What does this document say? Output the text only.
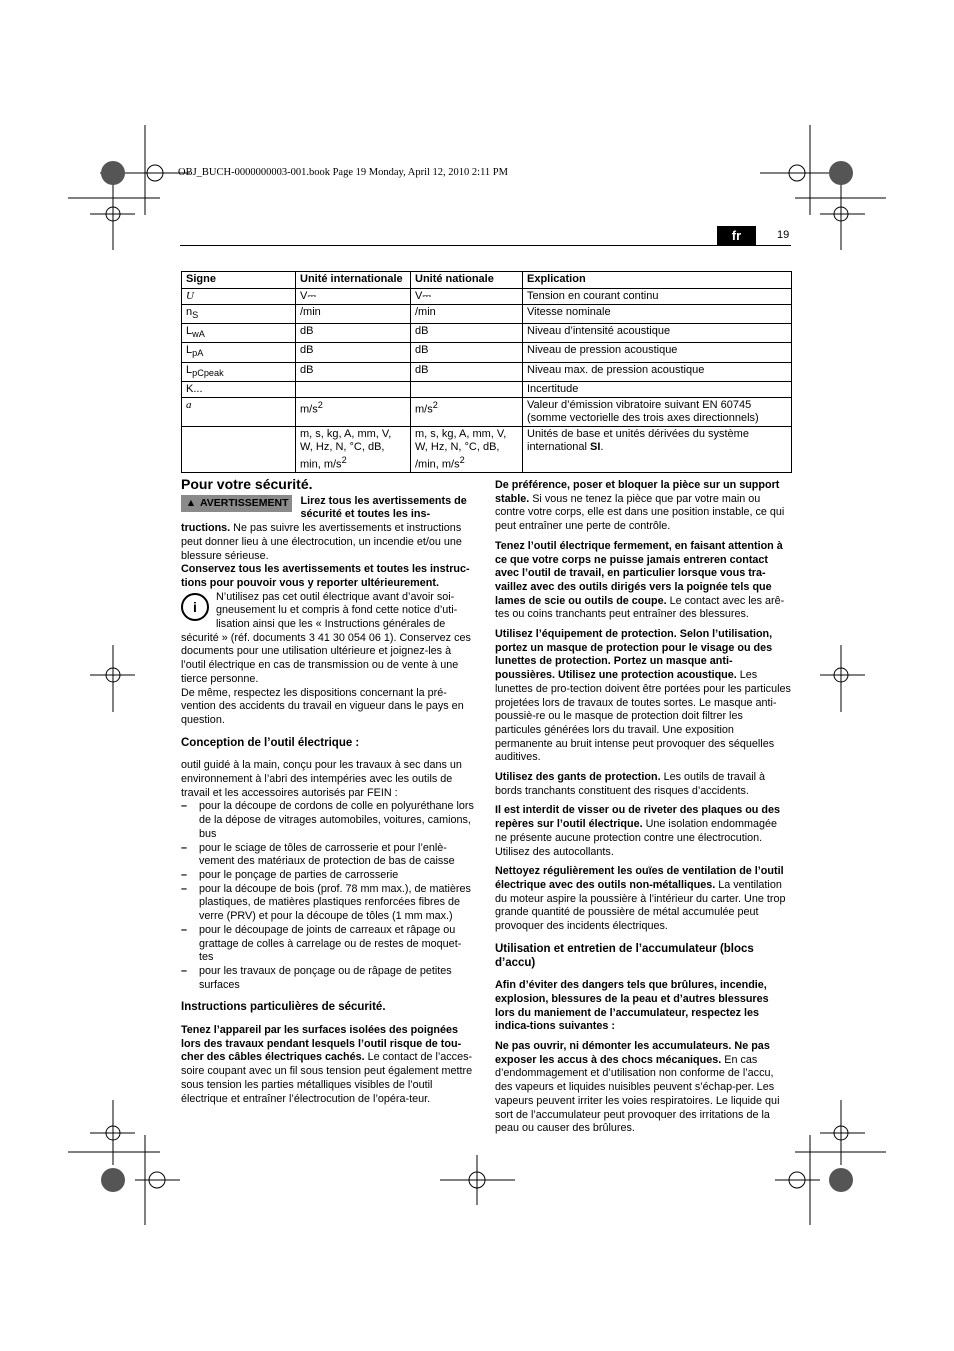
OBJ_BUCH-0000000003-001.book Page 19 Monday, April 12, 2010 2:11 PM
fr	19
Signe	Unité internationale	Unité nationale	Explication
U	V⎓	V⎓	Tension en courant continu
$n_S$	/min	/min	Vitesse nominale
$L_{wA}$	dB	dB	Niveau d’intensité acoustique
$L_{pA}$	dB	dB	Niveau de pression acoustique
$L_{pCpeak}$	dB	dB	Niveau max. de pression acoustique
K...			Incertitude
a	$m/s^2$	$m/s^2$	Valeur d’émission vibratoire suivant EN 60745 (somme vectorielle des trois axes directionnels)
	m, s, kg, A, mm, V, W, Hz, N, °C, dB, min, $m/s^2$	m, s, kg, A, mm, V, W, Hz, N, °C, dB, /min, $m/s^2$	Unités de base et unités dérivées du système international SI.

Pour votre sécurité.

▲ AVERTISSEMENT	Lirez tous les avertissements de sécurité et toutes les ins-tructions. Ne pas suivre les avertissements et instructions peut donner lieu à une électrocution, un incendie et/ou une blessure sérieuse.

Conservez tous les avertissements et toutes les instruc-tions pour pouvoir vous y reporter ultérieurement.

i
N’utilisez pas cet outil électrique avant d’avoir soi-gneusement lu et compris à fond cette notice d’uti-lisation ainsi que les « Instructions générales de sécurité » (réf. documents 3 41 30 054 06 1). Conservez ces documents pour une utilisation ultérieure et joignez-les à l’outil électrique en cas de transmission ou de vente à une tierce personne.

De même, respectez les dispositions concernant la pré-vention des accidents du travail en vigueur dans le pays en question.

Conception de l’outil électrique :

outil guidé à la main, conçu pour les travaux à sec dans un environnement à l’abri des intempéries avec les outils de travail et les accessoires autorisés par FEIN :

– pour la découpe de cordons de colle en polyuréthane lors de la dépose de vitrages automobiles, voitures, camions, bus
– pour le sciage de tôles de carrosserie et pour l’enlè-vement des matériaux de protection de bas de caisse
– pour le ponçage de parties de carrosserie
– pour la découpe de bois (prof. 78 mm max.), de matières plastiques, de matières plastiques renforcées fibres de verre (PRV) et pour la découpe de tôles (1 mm max.)
– pour le découpage de joints de carreaux et râpage ou grattage de colles à carrelage ou de restes de moquet-tes
– pour les travaux de ponçage ou de râpage de petites surfaces

Instructions particulières de sécurité.

Tenez l’appareil par les surfaces isolées des poignées lors des travaux pendant lesquels l’outil risque de tou-cher des câbles électriques cachés. Le contact de l’acces-soire coupant avec un fil sous tension peut également mettre sous tension les parties métalliques visibles de l’outil électrique et entraîner l’électrocution de l’opéra-teur.

De préférence, poser et bloquer la pièce sur un support stable. Si vous ne tenez la pièce que par votre main ou contre votre corps, elle est dans une position instable, ce qui peut entraîner une perte de contrôle.

Tenez l’outil électrique fermement, en faisant attention à ce que votre corps ne puisse jamais entreren contact avec l’outil de travail, en particulier lorsque vous tra-vaillez avec des outils dirigés vers la poignée tels que lames de scie ou outils de coupe. Le contact avec les arê-tes ou coins tranchants peut entraîner des blessures.

Utilisez l’équipement de protection. Selon l’utilisation, portez un masque de protection pour le visage ou des lunettes de protection. Portez un masque anti-poussières. Utilisez une protection acoustique. Les lunettes de pro-tection doivent être portées pour les particules projetées lors de travaux de toutes sortes. Le masque anti-poussiè-re ou le masque de protection doit filtrer les particules générées lors du travail. Une exposition permanente au bruit intense peut provoquer des séquelles auditives.

Utilisez des gants de protection. Les outils de travail à bords tranchants constituent des risques d’accidents.

Il est interdit de visser ou de riveter des plaques ou des repères sur l’outil électrique. Une isolation endommagée ne présente aucune protection contre une électrocution. Utilisez des autocollants.

Nettoyez régulièrement les ouïes de ventilation de l’outil électrique avec des outils non-métalliques. La ventilation du moteur aspire la poussière à l’intérieur du carter. Une trop grande quantité de poussière de métal accumulée peut provoquer des incidents électriques.

Utilisation et entretien de l’accumulateur (blocs d’accu)

Afin d’éviter des dangers tels que brûlures, incendie, explosion, blessures de la peau et d’autres blessures lors du maniement de l’accumulateur, respectez les indica-tions suivantes :

Ne pas ouvrir, ni démonter les accumulateurs. Ne pas exposer les accus à des chocs mécaniques. En cas d’endommagement et d’utilisation non conforme de l’accu, des vapeurs et liquides nuisibles peuvent s’échap-per. Les vapeurs peuvent irriter les voies respiratoires. Le liquide qui sort de l’accumulateur peut provoquer des irritations de la peau ou causer des brûlures.
